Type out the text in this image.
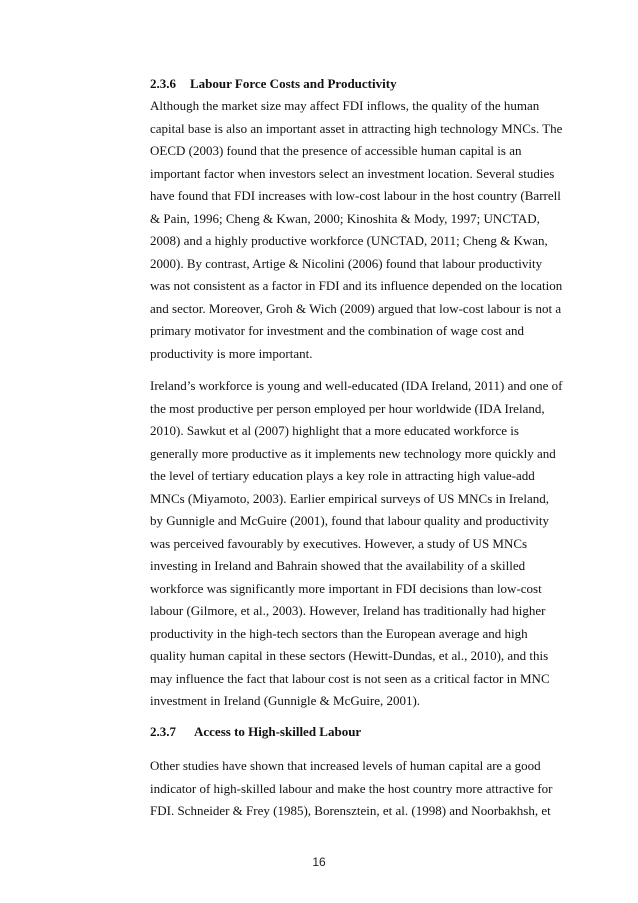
2.3.6 Labour Force Costs and Productivity
Although the market size may affect FDI inflows, the quality of the human
capital base is also an important asset in attracting high technology MNCs. The
OECD (2003) found that the presence of accessible human capital is an
important factor when investors select an investment location. Several studies
have found that FDI increases with low-cost labour in the host country (Barrell
& Pain, 1996; Cheng & Kwan, 2000; Kinoshita & Mody, 1997; UNCTAD,
2008) and a highly productive workforce (UNCTAD, 2011; Cheng & Kwan,
2000). By contrast, Artige & Nicolini (2006) found that labour productivity
was not consistent as a factor in FDI and its influence depended on the location
and sector. Moreover, Groh & Wich (2009) argued that low-cost labour is not a
primary motivator for investment and the combination of wage cost and
productivity is more important.
Ireland’s workforce is young and well-educated (IDA Ireland, 2011) and one of
the most productive per person employed per hour worldwide (IDA Ireland,
2010). Sawkut et al (2007) highlight that a more educated workforce is
generally more productive as it implements new technology more quickly and
the level of tertiary education plays a key role in attracting high value-add
MNCs (Miyamoto, 2003). Earlier empirical surveys of US MNCs in Ireland,
by Gunnigle and McGuire (2001), found that labour quality and productivity
was perceived favourably by executives. However, a study of US MNCs
investing in Ireland and Bahrain showed that the availability of a skilled
workforce was significantly more important in FDI decisions than low-cost
labour (Gilmore, et al., 2003). However, Ireland has traditionally had higher
productivity in the high-tech sectors than the European average and high
quality human capital in these sectors (Hewitt-Dundas, et al., 2010), and this
may influence the fact that labour cost is not seen as a critical factor in MNC
investment in Ireland (Gunnigle & McGuire, 2001).
2.3.7 Access to High-skilled Labour
Other studies have shown that increased levels of human capital are a good
indicator of high-skilled labour and make the host country more attractive for
FDI. Schneider & Frey (1985), Borensztein, et al. (1998) and Noorbakhsh, et
16
